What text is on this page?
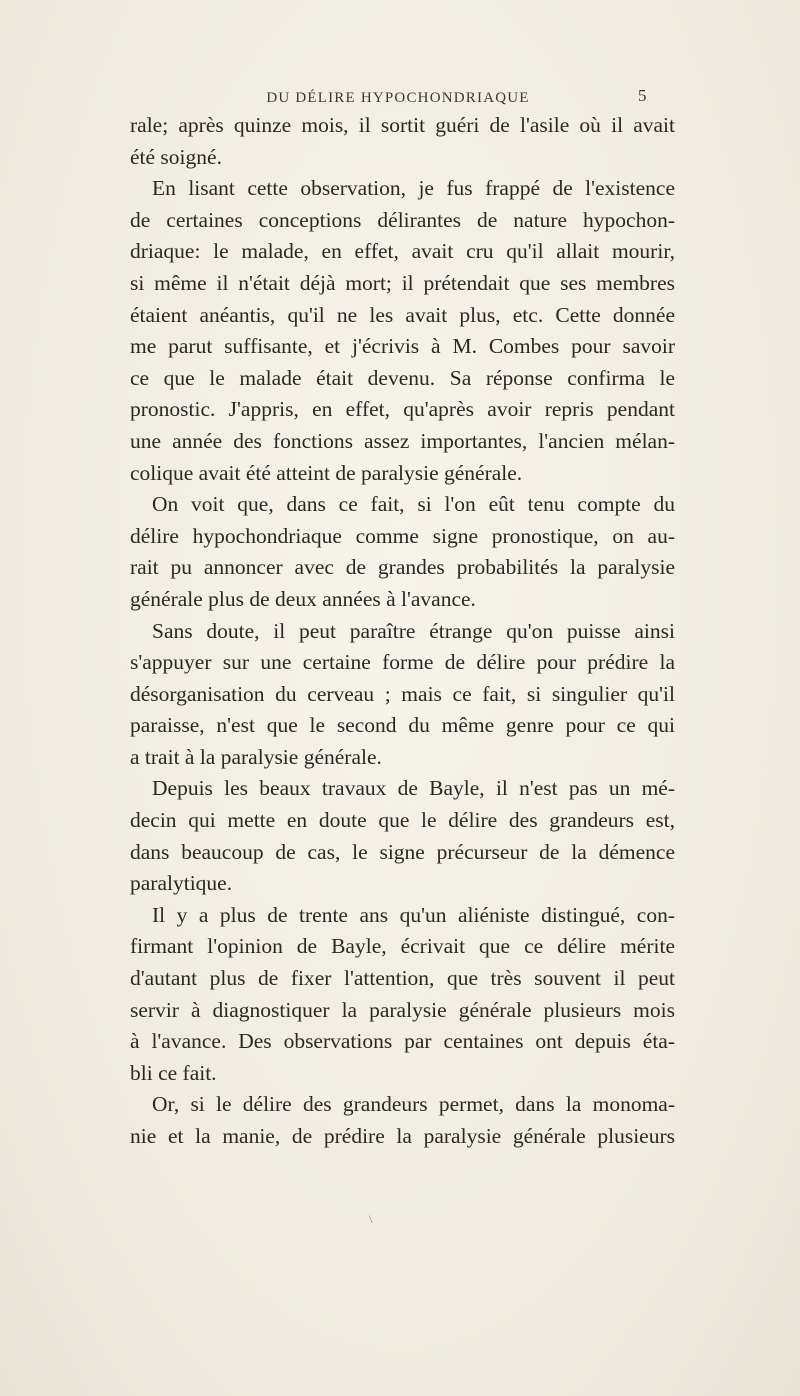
DU DÉLIRE HYPOCHONDRIAQUE	5
rale; après quinze mois, il sortit guéri de l'asile où il avait
été soigné.
En lisant cette observation, je fus frappé de l'existence
de certaines conceptions délirantes de nature hypochon-
driaque: le malade, en effet, avait cru qu'il allait mourir,
si même il n'était déjà mort; il prétendait que ses membres
étaient anéantis, qu'il ne les avait plus, etc. Cette donnée
me parut suffisante, et j'écrivis à M. Combes pour savoir
ce que le malade était devenu. Sa réponse confirma le
pronostic. J'appris, en effet, qu'après avoir repris pendant
une année des fonctions assez importantes, l'ancien mélan-
colique avait été atteint de paralysie générale.
On voit que, dans ce fait, si l'on eût tenu compte du
délire hypochondriaque comme signe pronostique, on au-
rait pu annoncer avec de grandes probabilités la paralysie
générale plus de deux années à l'avance.
Sans doute, il peut paraître étrange qu'on puisse ainsi
s'appuyer sur une certaine forme de délire pour prédire la
désorganisation du cerveau ; mais ce fait, si singulier qu'il
paraisse, n'est que le second du même genre pour ce qui
a trait à la paralysie générale.
Depuis les beaux travaux de Bayle, il n'est pas un mé-
decin qui mette en doute que le délire des grandeurs est,
dans beaucoup de cas, le signe précurseur de la démence
paralytique.
Il y a plus de trente ans qu'un aliéniste distingué, con-
firmant l'opinion de Bayle, écrivait que ce délire mérite
d'autant plus de fixer l'attention, que très souvent il peut
servir à diagnostiquer la paralysie générale plusieurs mois
à l'avance. Des observations par centaines ont depuis éta-
bli ce fait.
Or, si le délire des grandeurs permet, dans la monoma-
nie et la manie, de prédire la paralysie générale plusieurs
\
